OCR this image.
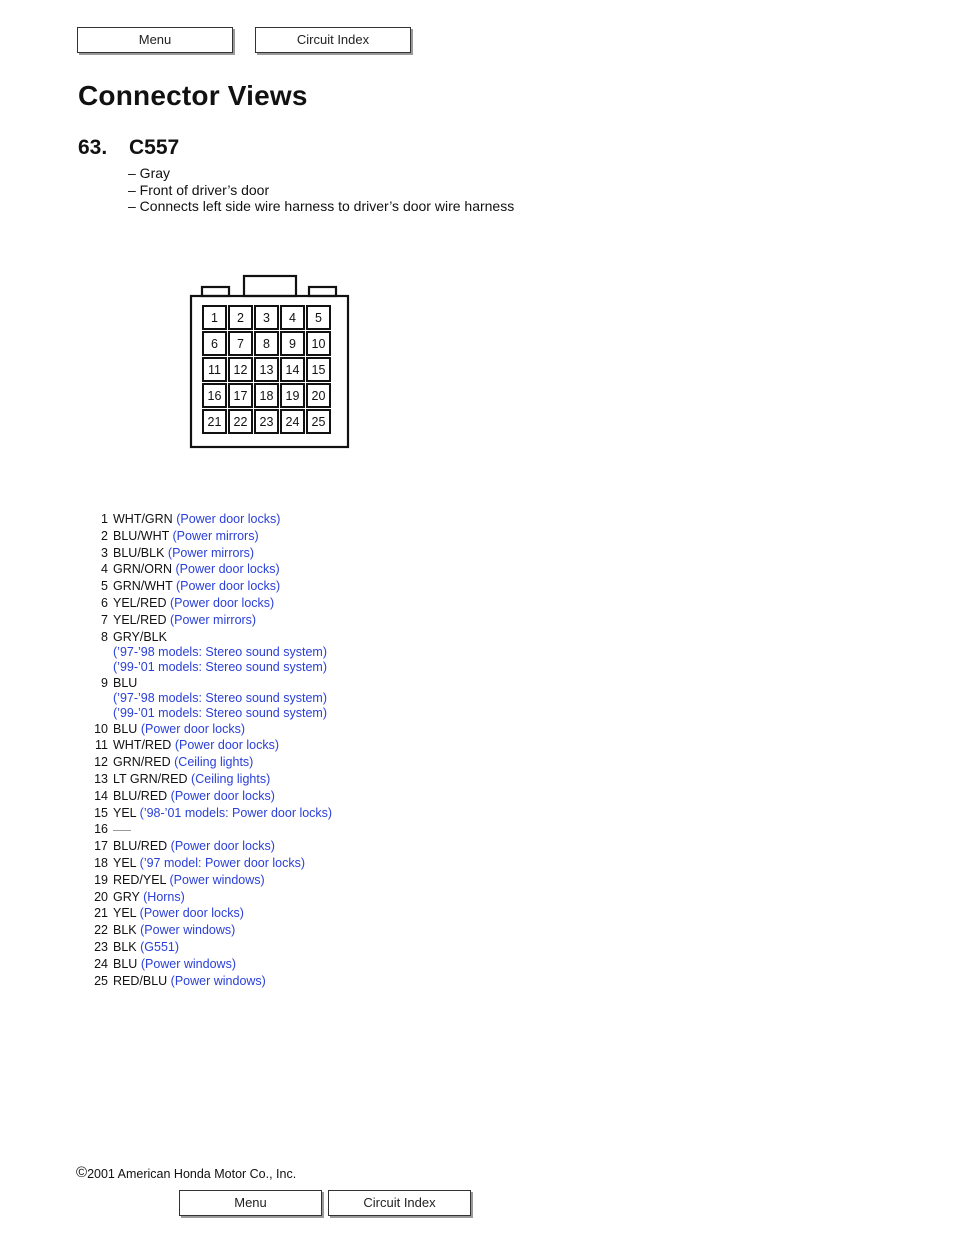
Menu	Circuit Index
Connector Views
63. C557
– Gray
– Front of driver’s door
– Connects left side wire harness to driver’s door wire harness
1 2 3 4 5
6 7 8 9 10
11 12 13 14 15
16 17 18 19 20
21 22 23 24 25
1 WHT/GRN (Power door locks)
2 BLU/WHT (Power mirrors)
3 BLU/BLK (Power mirrors)
4 GRN/ORN (Power door locks)
5 GRN/WHT (Power door locks)
6 YEL/RED (Power door locks)
7 YEL/RED (Power mirrors)
8 GRY/BLK
(’97-’98 models: Stereo sound system)
(’99-’01 models: Stereo sound system)
9 BLU
(’97-’98 models: Stereo sound system)
(’99-’01 models: Stereo sound system)
10 BLU (Power door locks)
11 WHT/RED (Power door locks)
12 GRN/RED (Ceiling lights)
13 LT GRN/RED (Ceiling lights)
14 BLU/RED (Power door locks)
15 YEL (’98-’01 models: Power door locks)
16
17 BLU/RED (Power door locks)
18 YEL (’97 model: Power door locks)
19 RED/YEL (Power windows)
20 GRY (Horns)
21 YEL (Power door locks)
22 BLK (Power windows)
23 BLK (G551)
24 BLU (Power windows)
25 RED/BLU (Power windows)
©2001 American Honda Motor Co., Inc.
Menu	Circuit Index
